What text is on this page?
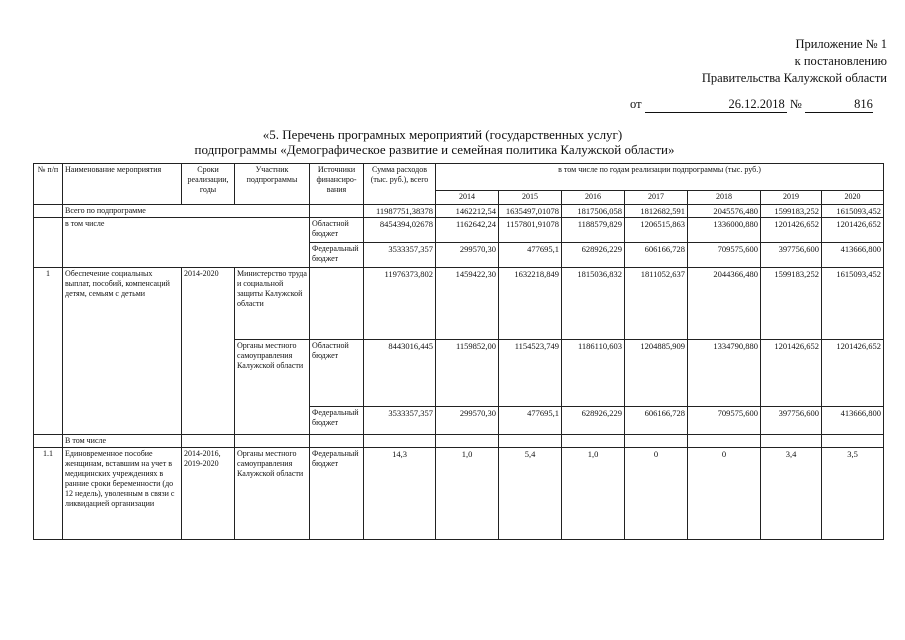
Приложение № 1
к постановлению
Правительства Калужской области
от	26.12.2018 №	816
«5. Перечень програмных мероприятий (государственных услуг)
подпрограммы «Демографическое развитие и семейная политика Калужской области»
№ п/п	Наименование мероприятия	Сроки реализации, годы	Участник подпрограммы	Источники финансиро-вания	Сумма расходов (тыс. руб.), всего	в том числе по годам реализации подпрограммы (тыс. руб.)						
						2014	2015	2016	2017	2018	2019	2020
	Всего по подпрограмме				11987751,38378	1462212,54	1635497,01078	1817506,058	1812682,591	2045576,480	1599183,252	1615093,452
	в том числе			Областной бюджет	8454394,02678	1162642,24	1157801,91078	1188579,829	1206515,863	1336000,880	1201426,652	1201426,652
				Федеральный бюджет	3533357,357	299570,30	477695,1	628926,229	606166,728	709575,600	397756,600	413666,800
1	Обеспечение социальных выплат, пособий, компенсаций детям, семьям с детьми	2014-2020	Министерство труда и социальной защиты Калужской области		11976373,802	1459422,30	1632218,849	1815036,832	1811052,637	2044366,480	1599183,252	1615093,452
			Органы местного самоуправления Калужской области	Областной бюджет	8443016,445	1159852,00	1154523,749	1186110,603	1204885,909	1334790,880	1201426,652	1201426,652
				Федеральный бюджет	3533357,357	299570,30	477695,1	628926,229	606166,728	709575,600	397756,600	413666,800
	В том числе											
1.1	Единовременное пособие женщинам, вставшим на учет в медицинских учреждениях в ранние сроки беременности (до 12 недель), уволенным в связи с ликвидацией организации	2014-2016, 2019-2020	Органы местного самоуправления Калужской области	Федеральный бюджет	14,3	1,0	5,4	1,0	0	0	3,4	3,5
